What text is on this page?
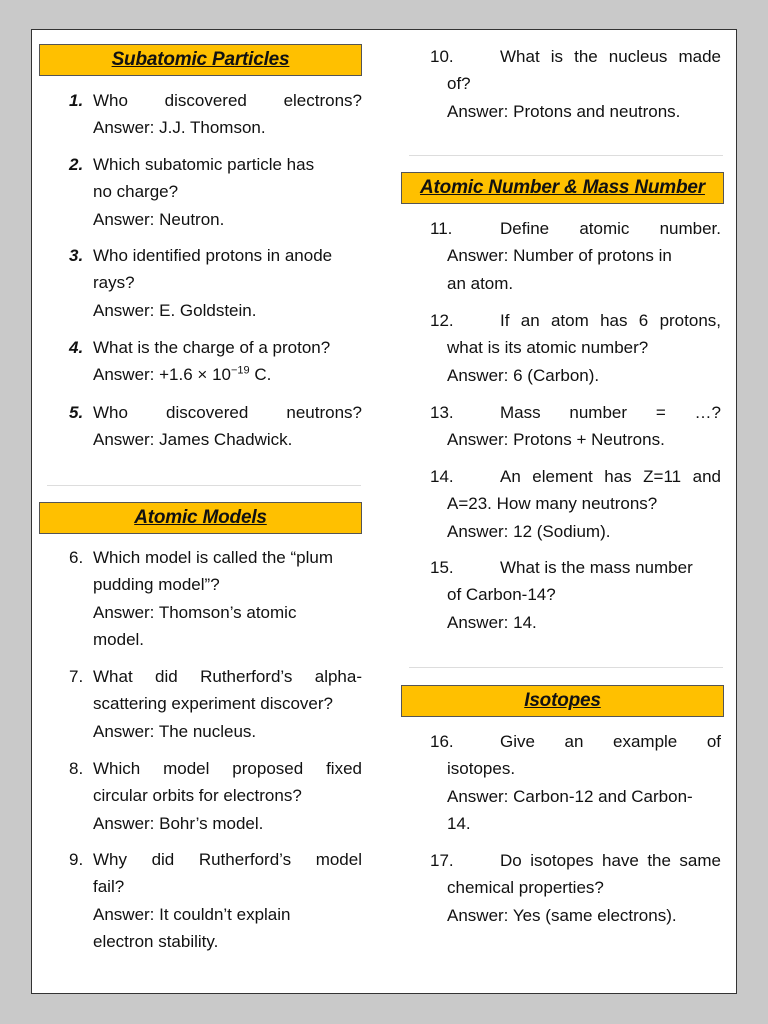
Subatomic Particles
1. Who discovered electrons?
Answer: J.J. Thomson.
2. Which subatomic particle has
no charge?
Answer: Neutron.
3. Who identified protons in anode
rays?
Answer: E. Goldstein.
4. What is the charge of a proton?
Answer: $+1.6 \times 10^{-19}$ C.
5. Who discovered neutrons?
Answer: James Chadwick.
Atomic Models
6. Which model is called the “plum
pudding model”?
Answer: Thomson’s atomic
model.
7. What did Rutherford’s alpha-
scattering experiment discover?
Answer: The nucleus.
8. Which model proposed fixed
circular orbits for electrons?
Answer: Bohr’s model.
9. Why did Rutherford’s model
fail?
Answer: It couldn’t explain
electron stability.
10.	What is the nucleus made
of?
Answer: Protons and neutrons.
Atomic Number & Mass Number
11.	Define atomic number.
Answer: Number of protons in
an atom.
12.	If an atom has 6 protons,
what is its atomic number?
Answer: 6 (Carbon).
13.	Mass number = …?
Answer: Protons + Neutrons.
14.	An element has Z=11 and
A=23. How many neutrons?
Answer: 12 (Sodium).
15.	What is the mass number
of Carbon-14?
Answer: 14.
Isotopes
16.	Give an example of
isotopes.
Answer: Carbon-12 and Carbon-
14.
17.	Do isotopes have the same
chemical properties?
Answer: Yes (same electrons).
